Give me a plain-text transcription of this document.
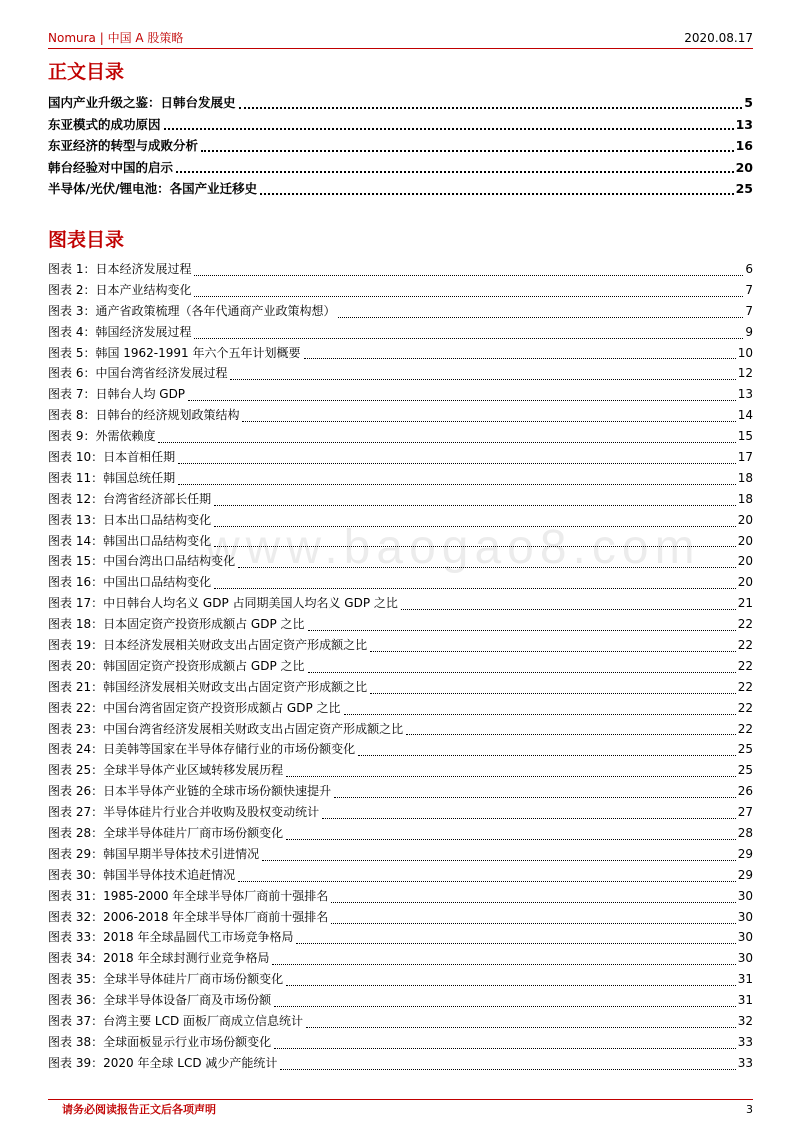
Nomura | 中国 A 股策略	2020.08.17
正文目录
国内产业升级之鉴：日韩台发展史	5
东亚模式的成功原因	13
东亚经济的转型与成败分析	16
韩台经验对中国的启示	20
半导体/光伏/锂电池：各国产业迁移史	25
图表目录
图表 1：日本经济发展过程	6
图表 2：日本产业结构变化	7
图表 3：通产省政策梳理（各年代通商产业政策构想）	7
图表 4：韩国经济发展过程	9
图表 5：韩国 1962-1991 年六个五年计划概要	10
图表 6：中国台湾省经济发展过程	12
图表 7：日韩台人均 GDP	13
图表 8：日韩台的经济规划政策结构	14
图表 9：外需依赖度	15
图表 10：日本首相任期	17
图表 11：韩国总统任期	18
图表 12：台湾省经济部长任期	18
图表 13：日本出口品结构变化	20
图表 14：韩国出口品结构变化	20
图表 15：中国台湾出口品结构变化	20
图表 16：中国出口品结构变化	20
图表 17：中日韩台人均名义 GDP 占同期美国人均名义 GDP 之比	21
图表 18：日本固定资产投资形成额占 GDP 之比	22
图表 19：日本经济发展相关财政支出占固定资产形成额之比	22
图表 20：韩国固定资产投资形成额占 GDP 之比	22
图表 21：韩国经济发展相关财政支出占固定资产形成额之比	22
图表 22：中国台湾省固定资产投资形成额占 GDP 之比	22
图表 23：中国台湾省经济发展相关财政支出占固定资产形成额之比	22
图表 24：日美韩等国家在半导体存储行业的市场份额变化	25
图表 25：全球半导体产业区域转移发展历程	25
图表 26：日本半导体产业链的全球市场份额快速提升	26
图表 27：半导体硅片行业合并收购及股权变动统计	27
图表 28：全球半导体硅片厂商市场份额变化	28
图表 29：韩国早期半导体技术引进情况	29
图表 30：韩国半导体技术追赶情况	29
图表 31：1985-2000 年全球半导体厂商前十强排名	30
图表 32：2006-2018 年全球半导体厂商前十强排名	30
图表 33：2018 年全球晶圆代工市场竞争格局	30
图表 34：2018 年全球封测行业竞争格局	30
图表 35：全球半导体硅片厂商市场份额变化	31
图表 36：全球半导体设备厂商及市场份额	31
图表 37：台湾主要 LCD 面板厂商成立信息统计	32
图表 38：全球面板显示行业市场份额变化	33
图表 39：2020 年全球 LCD 减少产能统计	33
www.baogao8.com
请务必阅读报告正文后各项声明	3
